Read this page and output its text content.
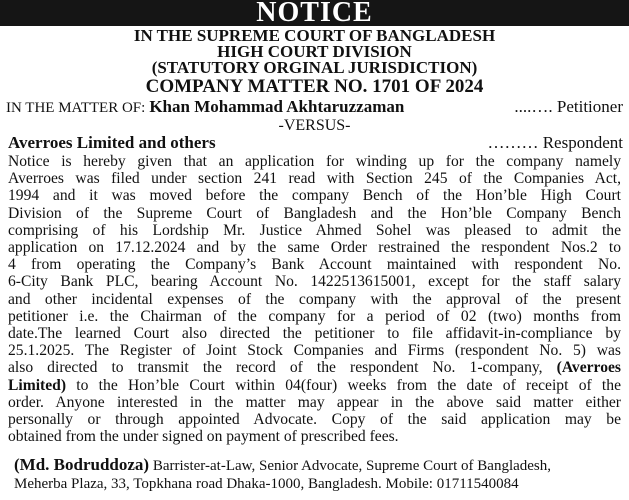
NOTICE
IN THE SUPREME COURT OF BANGLADESH
HIGH COURT DIVISION
(STATUTORY ORGINAL JURISDICTION)
COMPANY MATTER NO. 1701 OF 2024
IN THE MATTER OF: Khan Mohammad Akhtaruzzaman	....…. Petitioner
-VERSUS-
Averroes Limited and others	……… Respondent
Notice is hereby given that an application for winding up for the company namely
Averroes was filed under section 241 read with Section 245 of the Companies Act,
1994 and it was moved before the company Bench of the Hon’ble High Court
Division of the Supreme Court of Bangladesh and the Hon’ble Company Bench
comprising of his Lordship Mr. Justice Ahmed Sohel was pleased to admit the
application on 17.12.2024 and by the same Order restrained the respondent Nos.2 to
4 from operating the Company’s Bank Account maintained with respondent No.
6-City Bank PLC, bearing Account No. 1422513615001, except for the staff salary
and other incidental expenses of the company with the approval of the present
petitioner i.e. the Chairman of the company for a period of 02 (two) months from
date.The learned Court also directed the petitioner to file affidavit-in-compliance by
25.1.2025. The Register of Joint Stock Companies and Firms (respondent No. 5) was
also directed to transmit the record of the respondent No. 1-company, (Averroes
Limited) to the Hon’ble Court within 04(four) weeks from the date of receipt of the
order. Anyone interested in the matter may appear in the above said matter either
personally or through appointed Advocate. Copy of the said application may be
obtained from the under signed on payment of prescribed fees.
(Md. Bodruddoza) Barrister-at-Law, Senior Advocate, Supreme Court of Bangladesh,
Meherba Plaza, 33, Topkhana road Dhaka-1000, Bangladesh. Mobile: 01711540084
